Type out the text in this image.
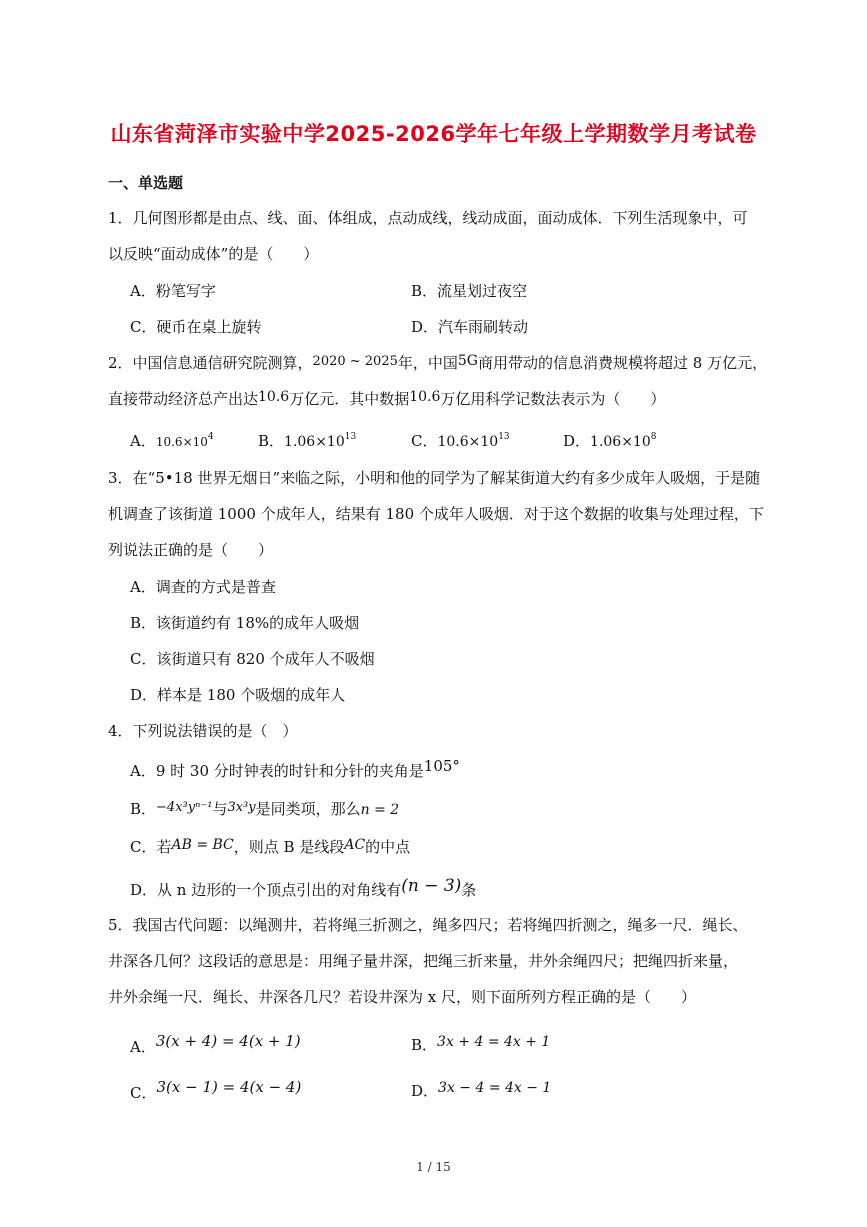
山东省菏泽市实验中学2025-2026学年七年级上学期数学月考试卷
一、单选题
1．几何图形都是由点、线、面、体组成，点动成线，线动成面，面动成体．下列生活现象中，可
以反映“面动成体”的是（　　）
A．粉笔写字	B．流星划过夜空
C．硬币在桌上旋转	D．汽车雨刷转动
2．中国信息通信研究院测算，2020 ~ 2025年，中国5G商用带动的信息消费规模将超过 8 万亿元，
直接带动经济总产出达10.6万亿元．其中数据10.6万亿用科学记数法表示为（　　）
A．$10.6\times 10^4$	B．$1.06\times 10^{13}$	C．$10.6\times 10^{13}$	D．$1.06\times 10^8$
3．在“5•18 世界无烟日”来临之际，小明和他的同学为了解某街道大约有多少成年人吸烟，于是随
机调查了该街道 1000 个成年人，结果有 180 个成年人吸烟．对于这个数据的收集与处理过程，下
列说法正确的是（　　）
A．调查的方式是普查
B．该街道约有 18%的成年人吸烟
C．该街道只有 820 个成年人不吸烟
D．样本是 180 个吸烟的成年人
4．下列说法错误的是（　）
A．9 时 30 分时钟表的时针和分针的夹角是105°
B．−4x³yⁿ⁻¹与3x³y是同类项，那么n = 2
C．若AB = BC，则点 B 是线段AC的中点
D．从 n 边形的一个顶点引出的对角线有(n − 3)条
5．我国古代问题：以绳测井，若将绳三折测之，绳多四尺；若将绳四折测之，绳多一尺．绳长、
井深各几何？这段话的意思是：用绳子量井深，把绳三折来量，井外余绳四尺；把绳四折来量，
井外余绳一尺．绳长、井深各几尺？若设井深为 x 尺，则下面所列方程正确的是（　　）
A．3(x + 4) = 4(x + 1)	B．3x + 4 = 4x + 1
C．3(x − 1) = 4(x − 4)	D．3x − 4 = 4x − 1
1 / 15
